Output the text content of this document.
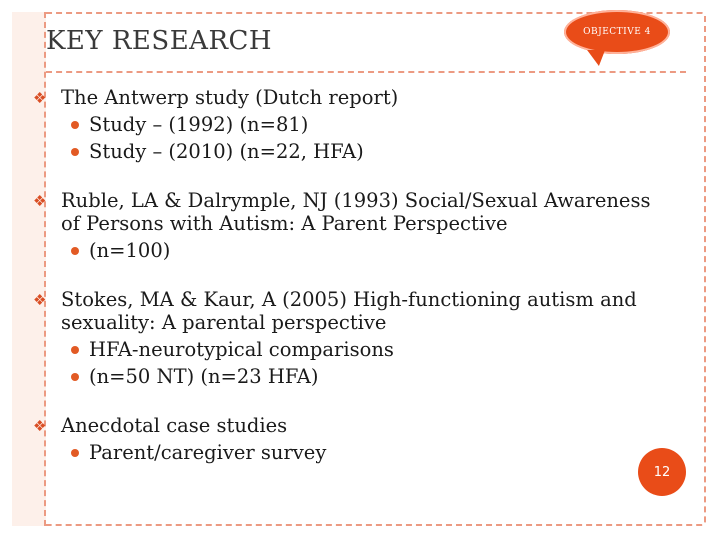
KEY RESEARCH	OBJECTIVE 4
❖ The Antwerp study (Dutch report)
Study – (1992) (n=81)
Study – (2010) (n=22, HFA)
❖ Ruble, LA & Dalrymple, NJ (1993) Social/Sexual Awareness of Persons with Autism: A Parent Perspective
(n=100)
❖ Stokes, MA & Kaur, A (2005) High-functioning autism and sexuality: A parental perspective
HFA-neurotypical comparisons
(n=50 NT) (n=23 HFA)
❖ Anecdotal case studies
Parent/caregiver survey
12
